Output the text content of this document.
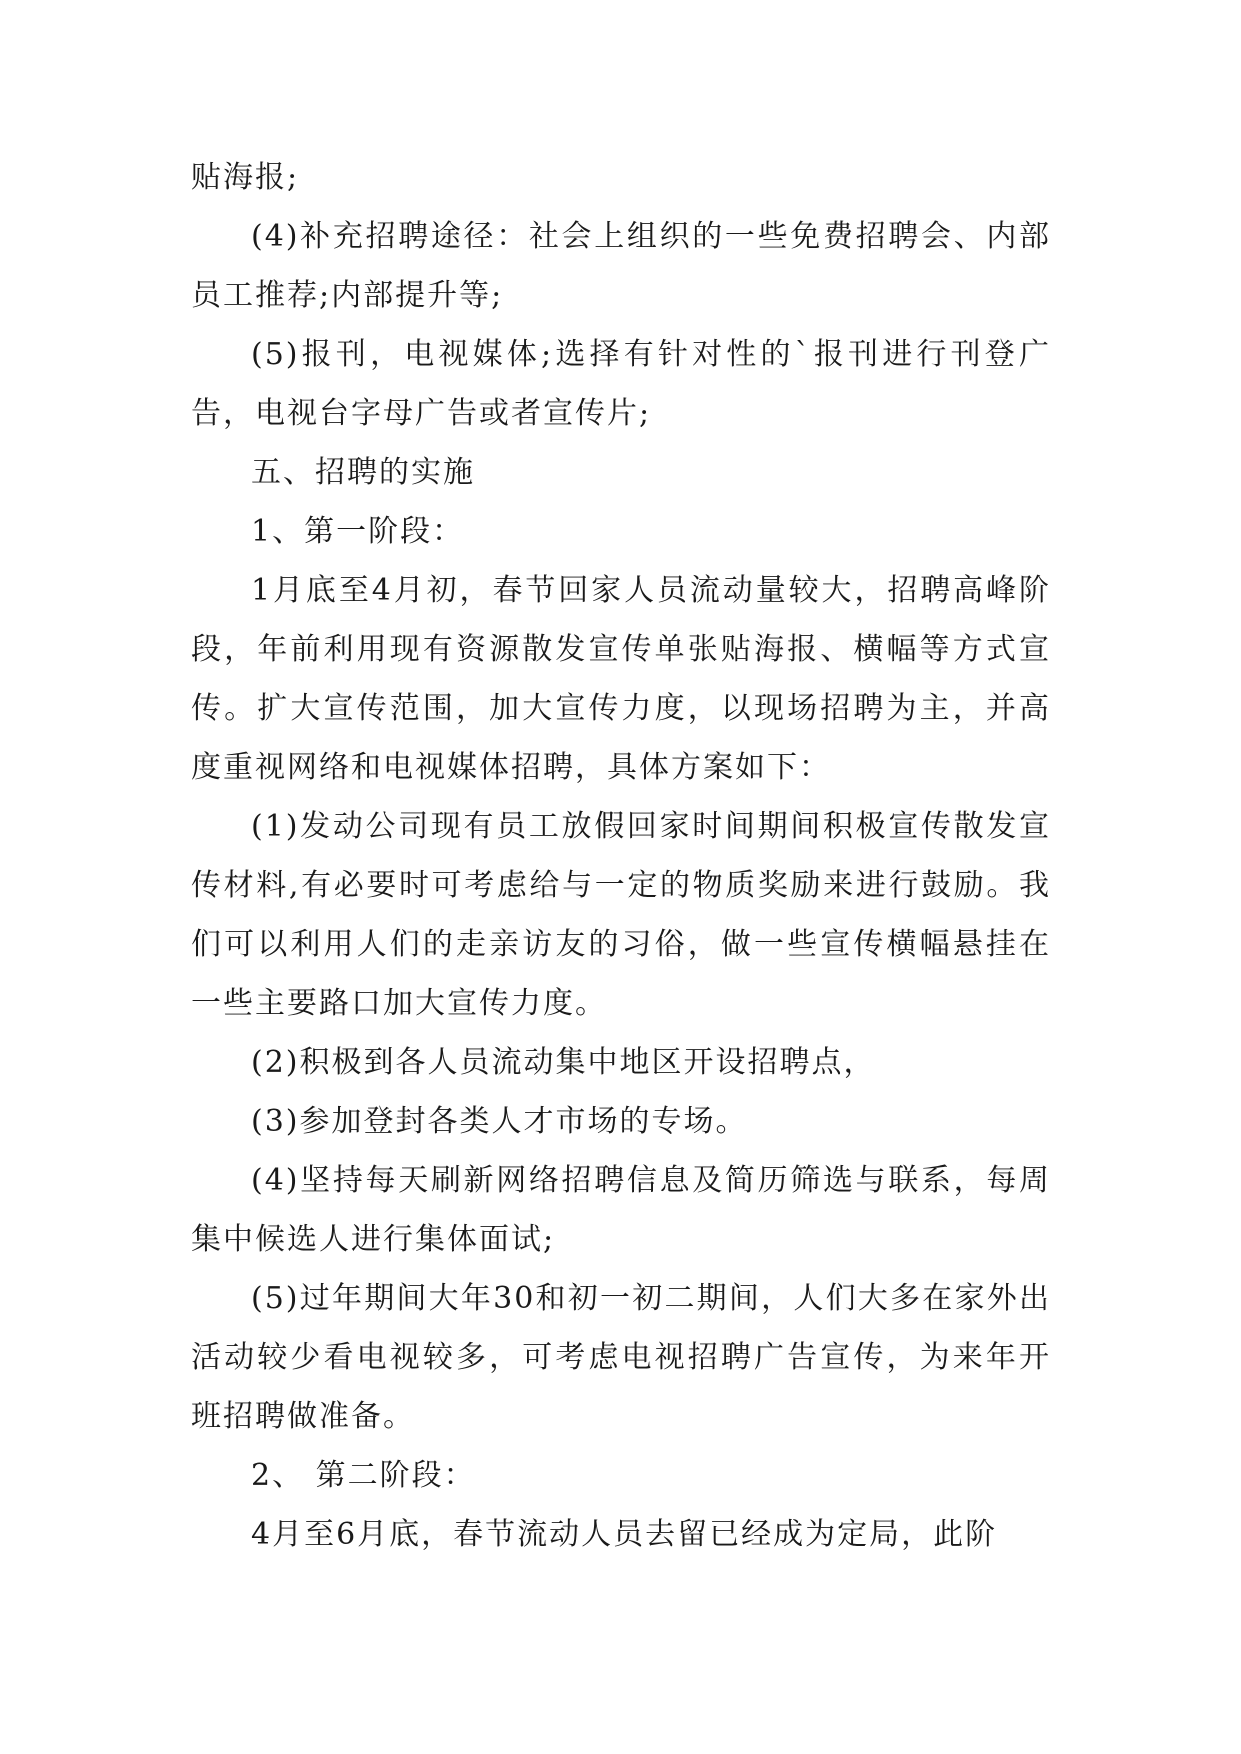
贴海报;

(4)补充招聘途径：社会上组织的一些免费招聘会、内部员工推荐;内部提升等;

(5)报刊，电视媒体;选择有针对性的`报刊进行刊登广告，电视台字母广告或者宣传片;

五、招聘的实施

1、第一阶段：

1月底至4月初，春节回家人员流动量较大，招聘高峰阶段，年前利用现有资源散发宣传单张贴海报、横幅等方式宣传。扩大宣传范围，加大宣传力度，以现场招聘为主，并高度重视网络和电视媒体招聘，具体方案如下：

(1)发动公司现有员工放假回家时间期间积极宣传散发宣传材料,有必要时可考虑给与一定的物质奖励来进行鼓励。我们可以利用人们的走亲访友的习俗，做一些宣传横幅悬挂在一些主要路口加大宣传力度。

(2)积极到各人员流动集中地区开设招聘点，

(3)参加登封各类人才市场的专场。

(4)坚持每天刷新网络招聘信息及简历筛选与联系，每周集中候选人进行集体面试;

(5)过年期间大年30和初一初二期间，人们大多在家外出活动较少看电视较多，可考虑电视招聘广告宣传，为来年开班招聘做准备。

2、 第二阶段：

4月至6月底，春节流动人员去留已经成为定局，此阶
